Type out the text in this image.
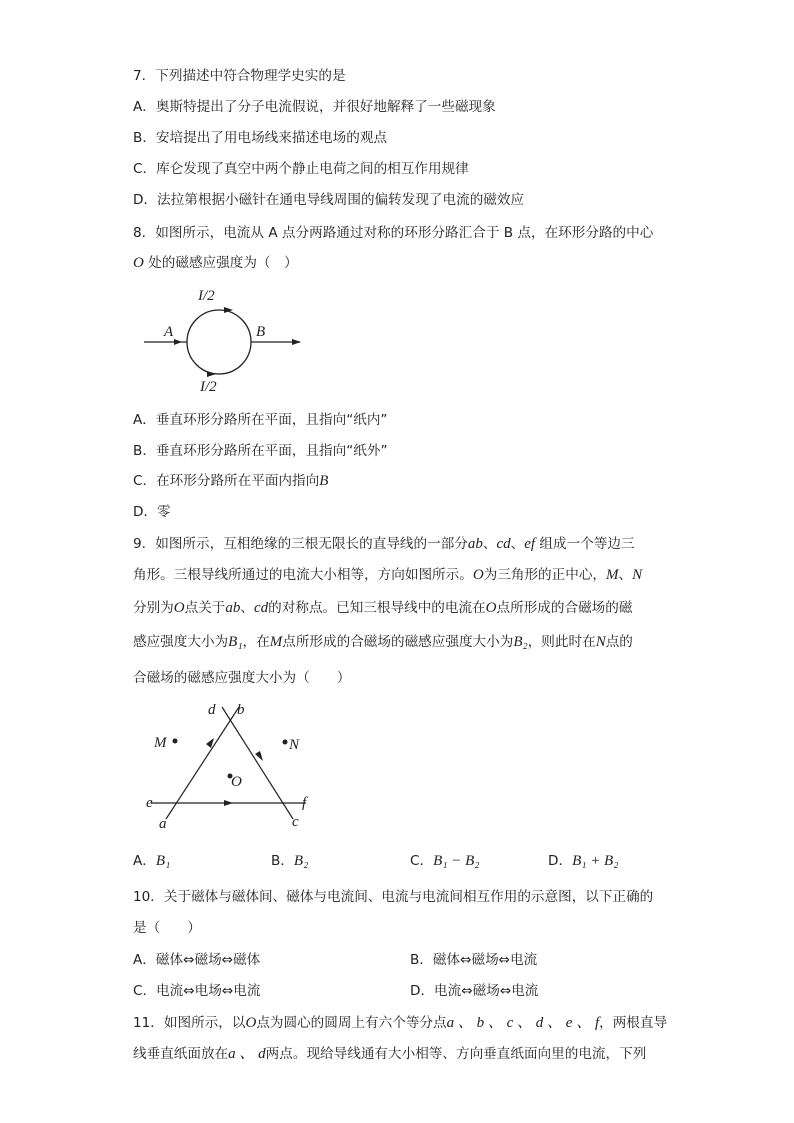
7．下列描述中符合物理学史实的是
A．奥斯特提出了分子电流假说，并很好地解释了一些磁现象
B．安培提出了用电场线来描述电场的观点
C．库仑发现了真空中两个静止电荷之间的相互作用规律
D．法拉第根据小磁针在通电导线周围的偏转发现了电流的磁效应
8．如图所示，电流从 A 点分两路通过对称的环形分路汇合于 B 点，在环形分路的中心
O 处的磁感应强度为（　）
I/2
A	B
I/2
A．垂直环形分路所在平面，且指向“纸内”
B．垂直环形分路所在平面，且指向“纸外”
C．在环形分路所在平面内指向B
D．零
9．如图所示，互相绝缘的三根无限长的直导线的一部分ab、cd、ef 组成一个等边三
角形。三根导线所通过的电流大小相等，方向如图所示。O为三角形的正中心，M、N
分别为O点关于ab、cd的对称点。已知三根导线中的电流在O点所形成的合磁场的磁
感应强度大小为B₁，在M点所形成的合磁场的磁感应强度大小为B₂，则此时在N点的
合磁场的磁感应强度大小为（　　）
d b
M	N
O
e	f
a	c
A．B₁	B．B₂	C．B₁ − B₂	D．B₁ + B₂
10．关于磁体与磁体间、磁体与电流间、电流与电流间相互作用的示意图，以下正确的
是（　　）
A．磁体⇔磁场⇔磁体	B．磁体⇔磁场⇔电流
C．电流⇔电场⇔电流	D．电流⇔磁场⇔电流
11．如图所示，以O点为圆心的圆周上有六个等分点a 、 b 、 c 、 d 、 e 、 f，两根直导
线垂直纸面放在a 、 d两点。现给导线通有大小相等、方向垂直纸面向里的电流，下列
